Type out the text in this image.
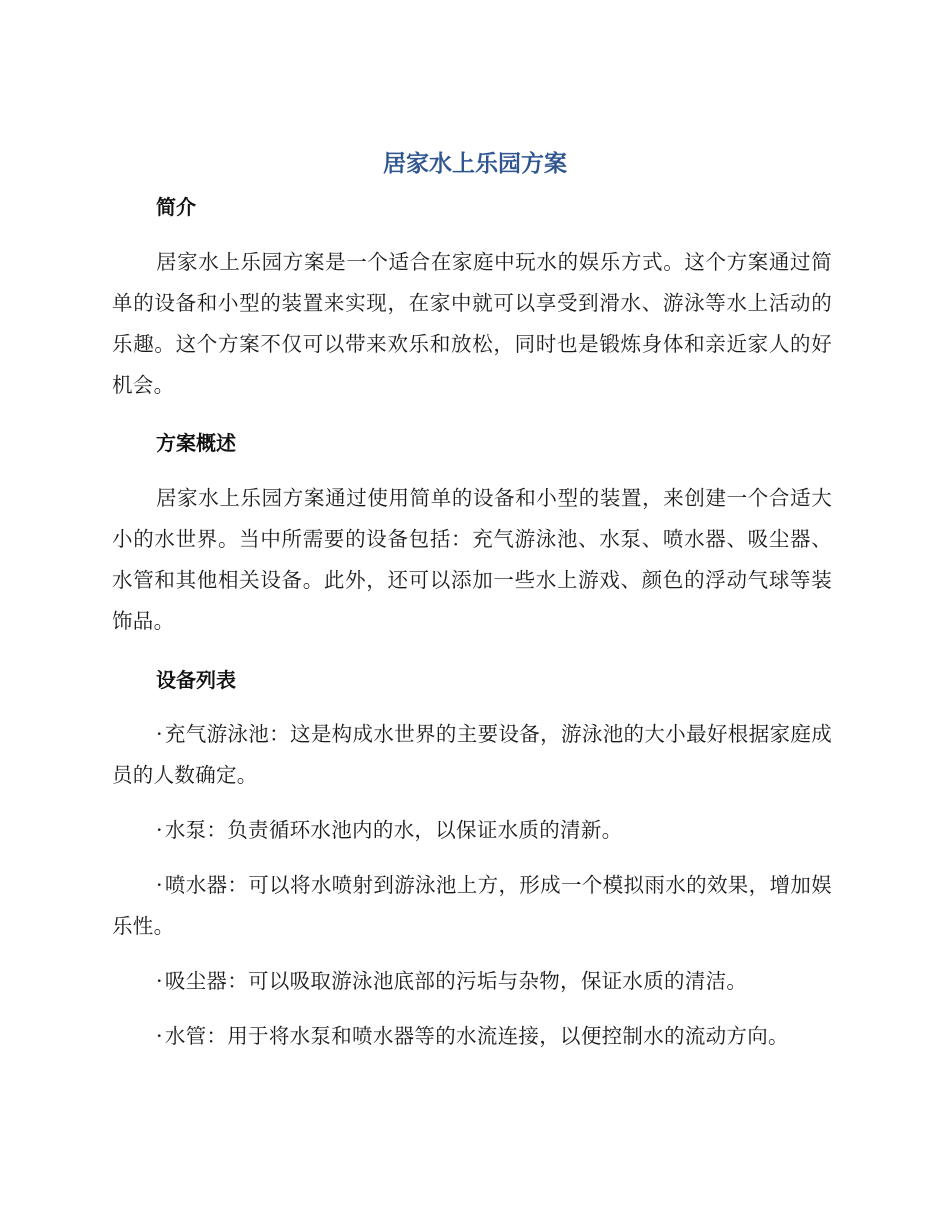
居家水上乐园方案
简介

居家水上乐园方案是一个适合在家庭中玩水的娱乐方式。这个方案通过简单的设备和小型的装置来实现，在家中就可以享受到滑水、游泳等水上活动的乐趣。这个方案不仅可以带来欢乐和放松，同时也是锻炼身体和亲近家人的好机会。

方案概述

居家水上乐园方案通过使用简单的设备和小型的装置，来创建一个合适大小的水世界。当中所需要的设备包括：充气游泳池、水泵、喷水器、吸尘器、水管和其他相关设备。此外，还可以添加一些水上游戏、颜色的浮动气球等装饰品。

设备列表

·充气游泳池：这是构成水世界的主要设备，游泳池的大小最好根据家庭成员的人数确定。

·水泵：负责循环水池内的水，以保证水质的清新。

·喷水器：可以将水喷射到游泳池上方，形成一个模拟雨水的效果，增加娱乐性。

·吸尘器：可以吸取游泳池底部的污垢与杂物，保证水质的清洁。

·水管：用于将水泵和喷水器等的水流连接，以便控制水的流动方向。
